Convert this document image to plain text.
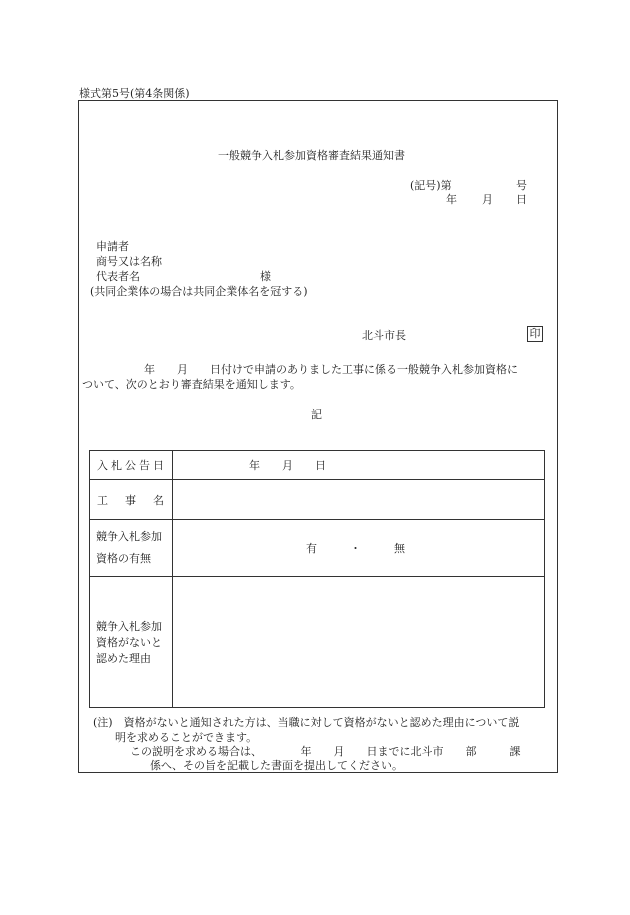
様式第5号(第4条関係)
一般競争入札参加資格審査結果通知書
(記号)第	号
年 月 日
申請者
商号又は名称
代表者名	様
(共同企業体の場合は共同企業体名を冠する)
北斗市長	印
年　　月　　日付けで申請のありました工事に係る一般競争入札参加資格に
ついて、次のとおり審査結果を通知します。
記
入 札 公 告 日	年　　月　　日

工 事 名	

競争入札参加
資格の有無	有　　　・　　　無

競争入札参加
資格がないと
認めた理由	

(注)　資格がないと通知された方は、当職に対して資格がないと認めた理由について説
明を求めることができます。
この説明を求める場合は、　　　　年　　月　　日までに北斗市　　部　　　課
係へ、その旨を記載した書面を提出してください。
